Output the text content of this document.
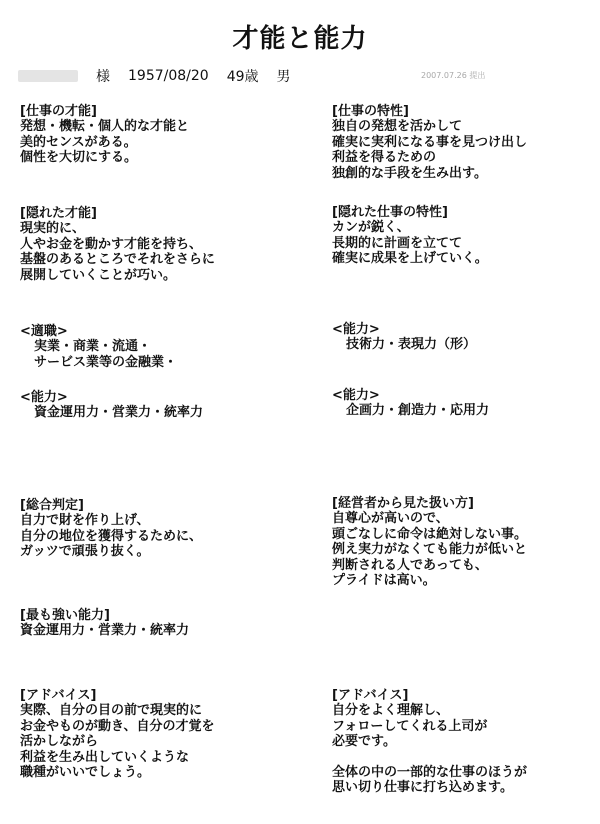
才能と能力
様 1957/08/20 49歳 男	2007.07.26 提出
[仕事の才能]
発想・機転・個人的な才能と
美的センスがある。
個性を大切にする。
[隠れた才能]
現実的に、
人やお金を動かす才能を持ち、
基盤のあるところでそれをさらに
展開していくことが巧い。
<適職>
実業・商業・流通・
サービス業等の金融業・
<能力>
資金運用力・営業力・統率力
[総合判定]
自力で財を作り上げ、
自分の地位を獲得するために、
ガッツで頑張り抜く。
[最も強い能力]
資金運用力・営業力・統率力
[アドバイス]
実際、自分の目の前で現実的に
お金やものが動き、自分の才覚を
活かしながら
利益を生み出していくような
職種がいいでしょう。
[仕事の特性]
独自の発想を活かして
確実に実利になる事を見つけ出し
利益を得るための
独創的な手段を生み出す。
[隠れた仕事の特性]
カンが鋭く、
長期的に計画を立てて
確実に成果を上げていく。
<能力>
技術力・表現力（形）
<能力>
企画力・創造力・応用力
[経営者から見た扱い方]
自尊心が高いので、
頭ごなしに命令は絶対しない事。
例え実力がなくても能力が低いと
判断される人であっても、
プライドは高い。
[アドバイス]
自分をよく理解し、
フォローしてくれる上司が
必要です。
全体の中の一部的な仕事のほうが
思い切り仕事に打ち込めます。
